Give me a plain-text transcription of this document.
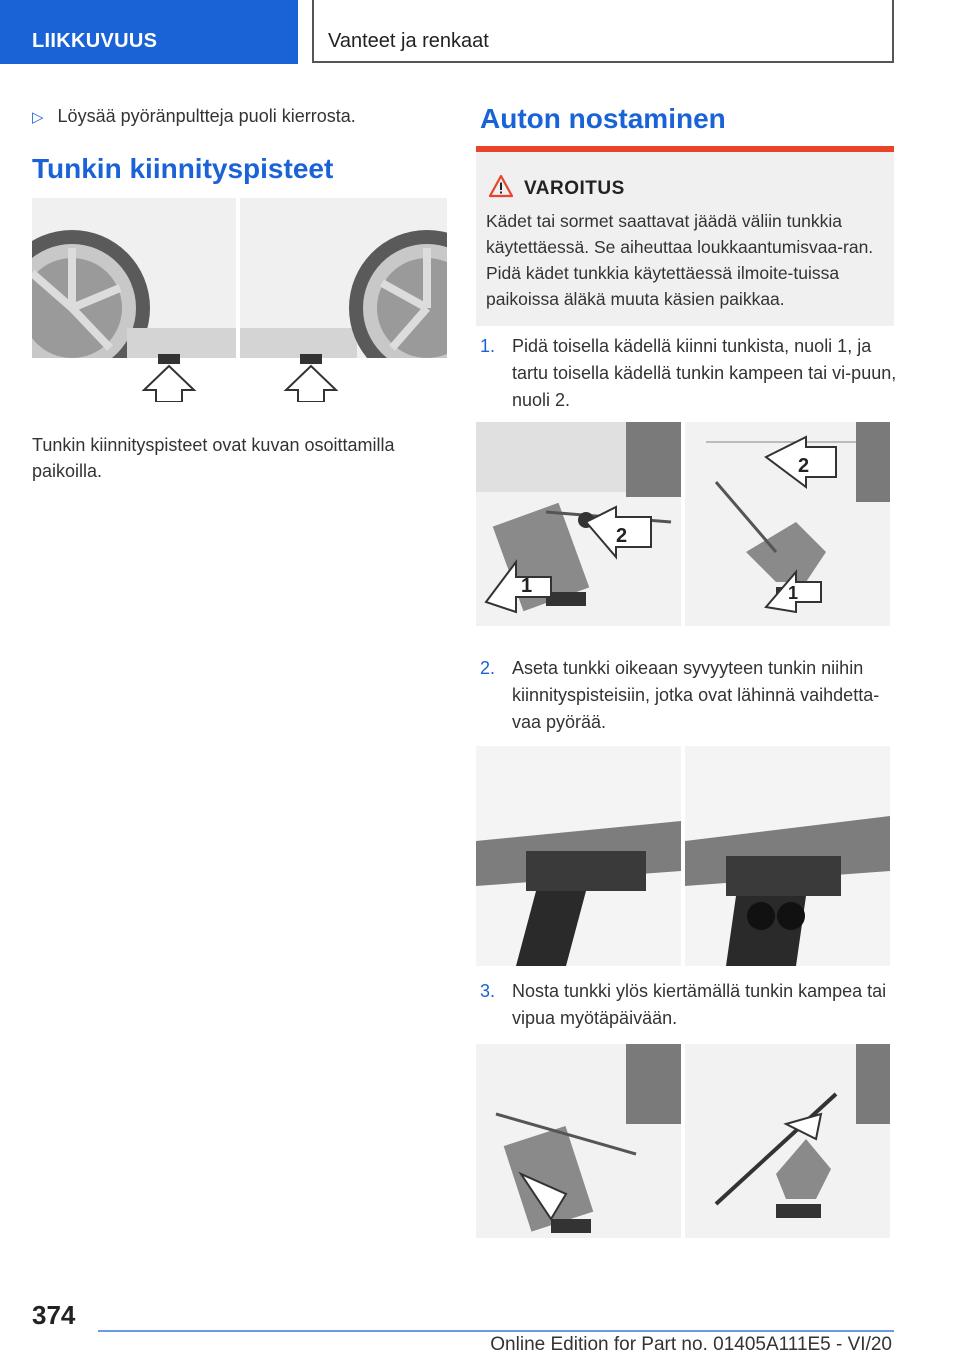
LIIKKUVUUS	Vanteet ja renkaat
▷ Löysää pyöränpultteja puoli kierrosta.
Tunkin kiinnityspisteet
Tunkin kiinnityspisteet ovat kuvan osoittamilla paikoilla.
Auton nostaminen
VAROITUS
Kädet tai sormet saattavat jäädä väliin tunkkia käytettäessä. Se aiheuttaa loukkaantumisvaa-ran. Pidä kädet tunkkia käytettäessä ilmoite-tuissa paikoissa äläkä muuta käsien paikkaa.
1. Pidä toisella kädellä kiinni tunkista, nuoli 1, ja tartu toisella kädellä tunkin kampeen tai vi-puun, nuoli 2.
1
2
2
1
2. Aseta tunkki oikeaan syvyyteen tunkin niihin kiinnityspisteisiin, jotka ovat lähinnä vaihdetta-vaa pyörää.
3. Nosta tunkki ylös kiertämällä tunkin kampea tai vipua myötäpäivään.
374
Online Edition for Part no. 01405A111E5 - VI/20
